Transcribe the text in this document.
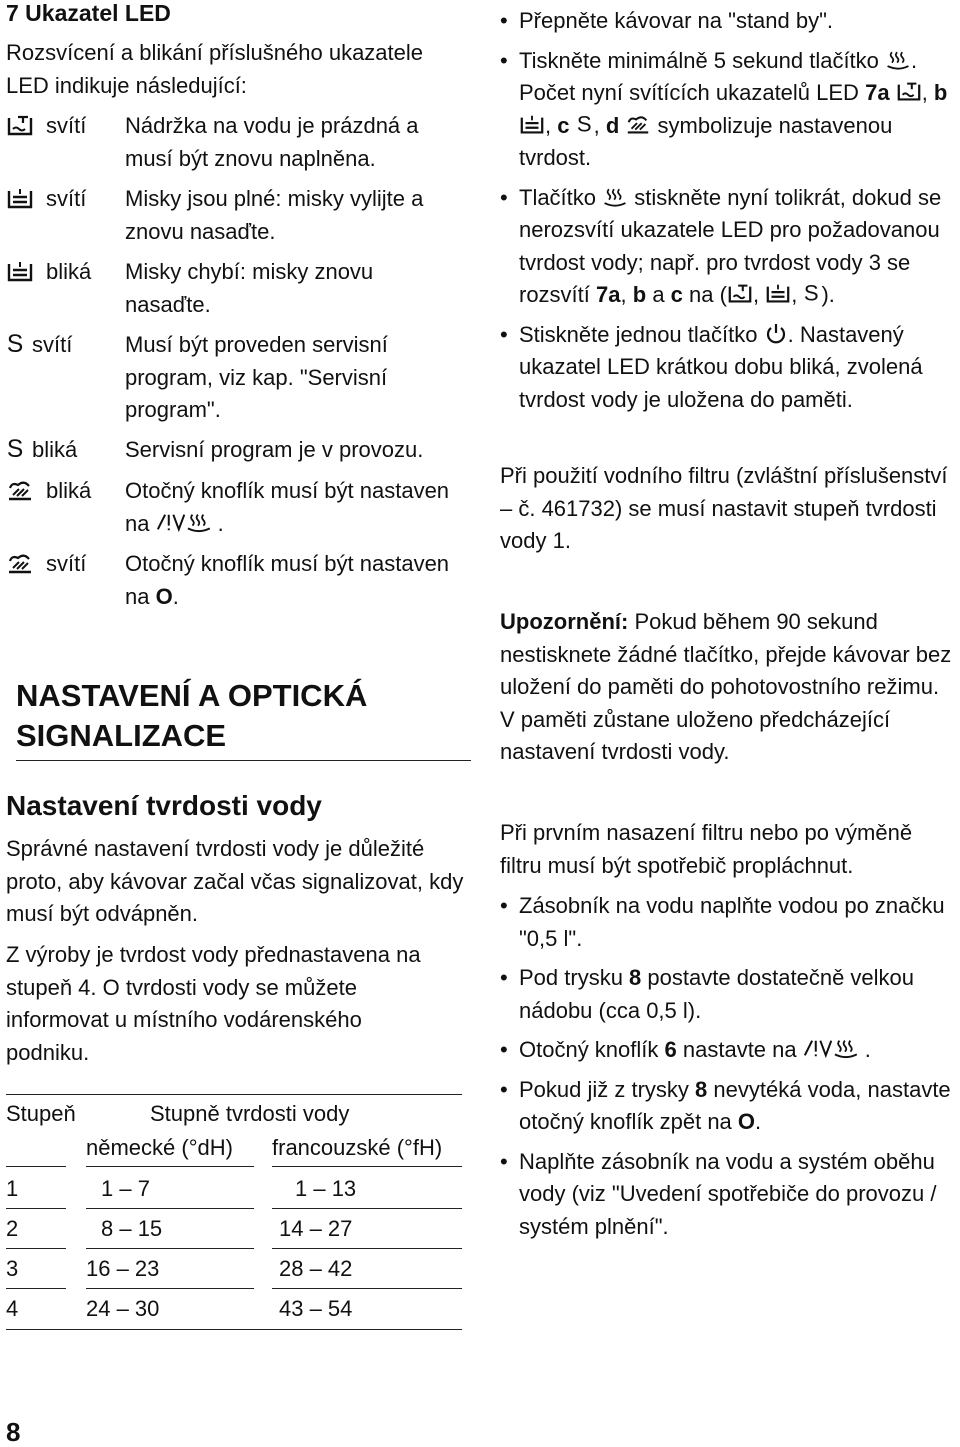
7 Ukazatel LED

Rozsvícení a blikání příslušného ukazatele LED indikuje následující:

svítí Nádržka na vodu je prázdná a musí být znovu naplněna.
svítí Misky jsou plné: misky vylijte a znovu nasaďte.
bliká Misky chybí: misky znovu nasaďte.
svítí Musí být proveden servisní program, viz kap. "Servisní program".
bliká Servisní program je v provozu.
bliká Otočný knoflík musí být nastaven na	.
svítí Otočný knoflík musí být nastaven na O.
NASTAVENÍ A OPTICKÁ SIGNALIZACE
Nastavení tvrdosti vody

Správné nastavení tvrdosti vody je důležité proto, aby kávovar začal včas signalizovat, kdy musí být odvápněn.

Z výroby je tvrdost vody přednastavena na stupeň 4. O tvrdosti vody se můžete informovat u místního vodárenského podniku.

Stupeň	Stupně tvrdosti vody
německé (°dH) francouzské (°fH)
1	1 – 7	1 – 13
2	8 – 15	14 – 27
3	16 – 23	28 – 42
4	24 – 30	43 – 54
8
• Přepněte kávovar na "stand by".
• Tiskněte minimálně 5 sekund tlačítko . Počet nyní svítících ukazatelů LED 7a , b , c , d symbolizuje nastavenou tvrdost.
• Tlačítko stiskněte nyní tolikrát, dokud se nerozsvítí ukazatele LED pro požadovanou tvrdost vody; např. pro tvrdost vody 3 se rozsvítí 7a, b a c na ( , , ).
• Stiskněte jednou tlačítko . Nastavený ukazatel LED krátkou dobu bliká, zvolená tvrdost vody je uložena do paměti.

Při použití vodního filtru (zvláštní příslušenství – č. 461732) se musí nastavit stupeň tvrdosti vody 1.

Upozornění: Pokud během 90 sekund nestisknete žádné tlačítko, přejde kávovar bez uložení do paměti do pohotovostního režimu. V paměti zůstane uloženo předcházející nastavení tvrdosti vody.

Při prvním nasazení filtru nebo po výměně filtru musí být spotřebič propláchnut.

• Zásobník na vodu naplňte vodou po značku "0,5 l".
• Pod trysku 8 postavte dostatečně velkou nádobu (cca 0,5 l).
• Otočný knoflík 6 nastavte na	.
• Pokud již z trysky 8 nevytéká voda, nastavte otočný knoflík zpět na O.
• Naplňte zásobník na vodu a systém oběhu vody (viz "Uvedení spotřebiče do provozu / systém plnění".
